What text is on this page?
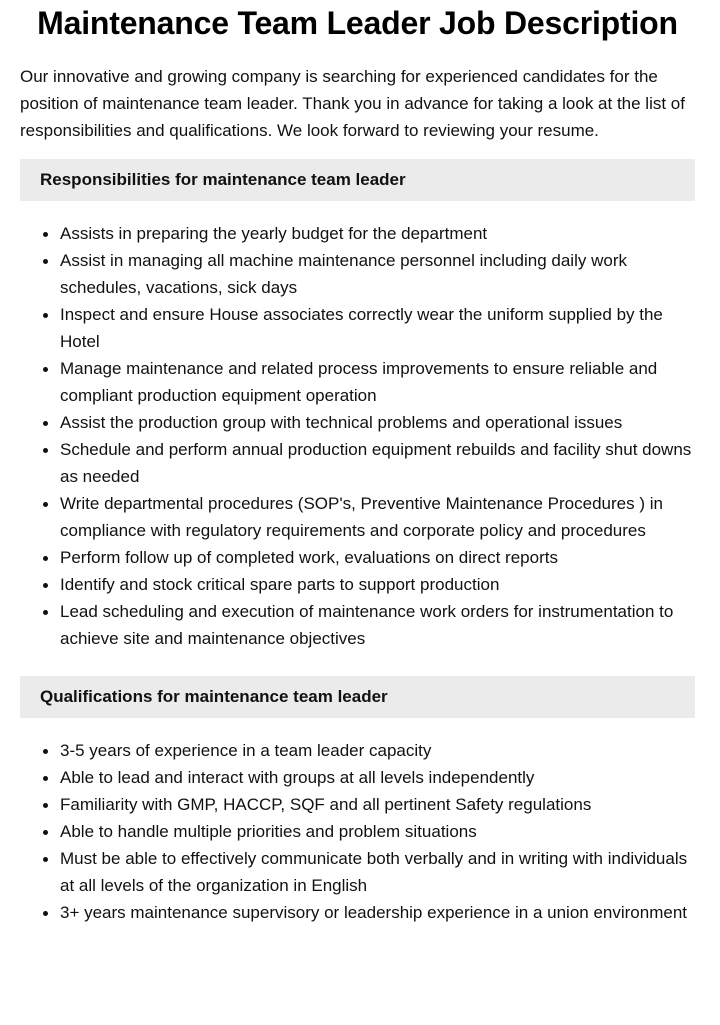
Maintenance Team Leader Job Description

Our innovative and growing company is searching for experienced candidates for the position of maintenance team leader. Thank you in advance for taking a look at the list of responsibilities and qualifications. We look forward to reviewing your resume.

Responsibilities for maintenance team leader
Assists in preparing the yearly budget for the department
Assist in managing all machine maintenance personnel including daily work schedules, vacations, sick days
Inspect and ensure House associates correctly wear the uniform supplied by the Hotel
Manage maintenance and related process improvements to ensure reliable and compliant production equipment operation
Assist the production group with technical problems and operational issues
Schedule and perform annual production equipment rebuilds and facility shut downs as needed
Write departmental procedures (SOP's, Preventive Maintenance Procedures ) in compliance with regulatory requirements and corporate policy and procedures
Perform follow up of completed work, evaluations on direct reports
Identify and stock critical spare parts to support production
Lead scheduling and execution of maintenance work orders for instrumentation to achieve site and maintenance objectives
Qualifications for maintenance team leader
3-5 years of experience in a team leader capacity
Able to lead and interact with groups at all levels independently
Familiarity with GMP, HACCP, SQF and all pertinent Safety regulations
Able to handle multiple priorities and problem situations
Must be able to effectively communicate both verbally and in writing with individuals at all levels of the organization in English
3+ years maintenance supervisory or leadership experience in a union environment
